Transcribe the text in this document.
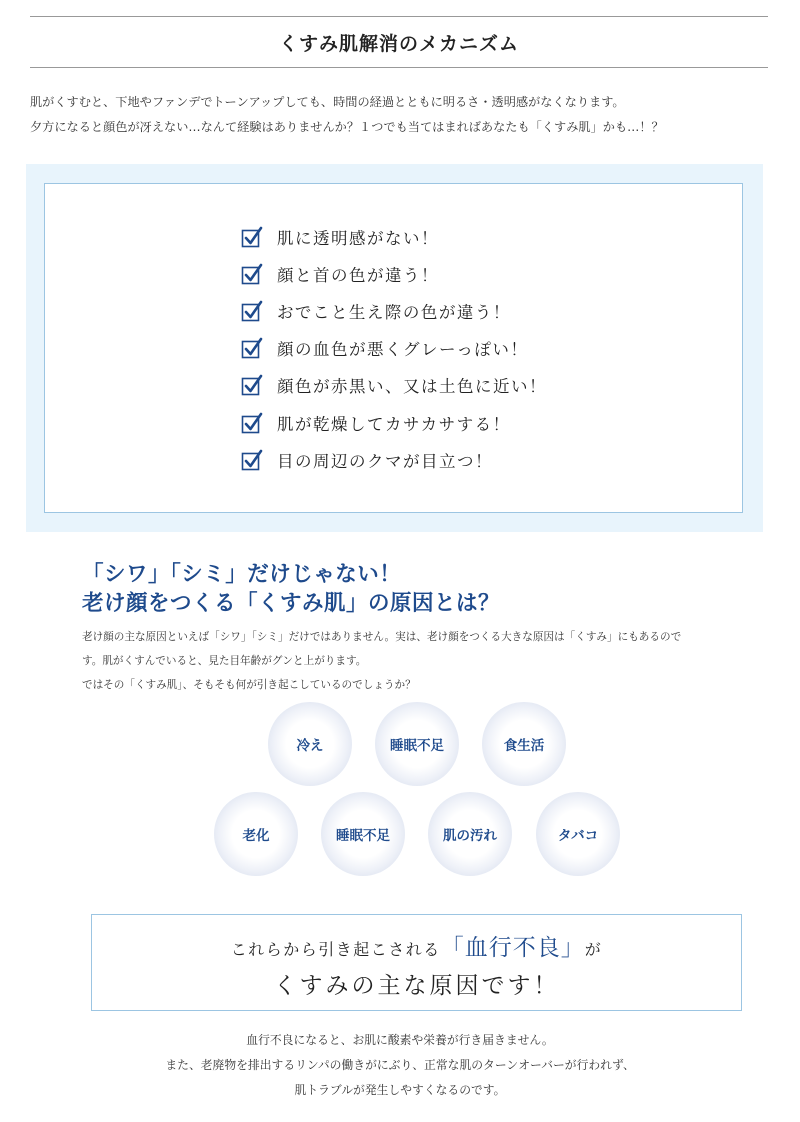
くすみ肌解消のメカニズム

肌がくすむと、下地やファンデでトーンアップしても、時間の経過とともに明るさ・透明感がなくなります。

夕方になると顔色が冴えない…なんて経験はありませんか？１つでも当てはまればあなたも「くすみ肌」かも…！？

肌に透明感がない！
顔と首の色が違う！
おでこと生え際の色が違う！
顔の血色が悪くグレーっぽい！
顔色が赤黒い、又は土色に近い！
肌が乾燥してカサカサする！
目の周辺のクマが目立つ！
「シワ」「シミ」だけじゃない！
老け顔をつくる「くすみ肌」の原因とは？

老け顔の主な原因といえば「シワ」「シミ」だけではありません。実は、老け顔をつくる大きな原因は「くすみ」にもあるので

す。肌がくすんでいると、見た目年齢がグンと上がります。

ではその「くすみ肌」、そもそも何が引き起こしているのでしょうか？

冷え	睡眠不足	食生活
老化	睡眠不足	肌の汚れ	タバコ
これらから引き起こされる「血行不良」が
くすみの主な原因です！

血行不良になると、お肌に酸素や栄養が行き届きません。

また、老廃物を排出するリンパの働きがにぶり、正常な肌のターンオーバーが行われず、

肌トラブルが発生しやすくなるのです。
